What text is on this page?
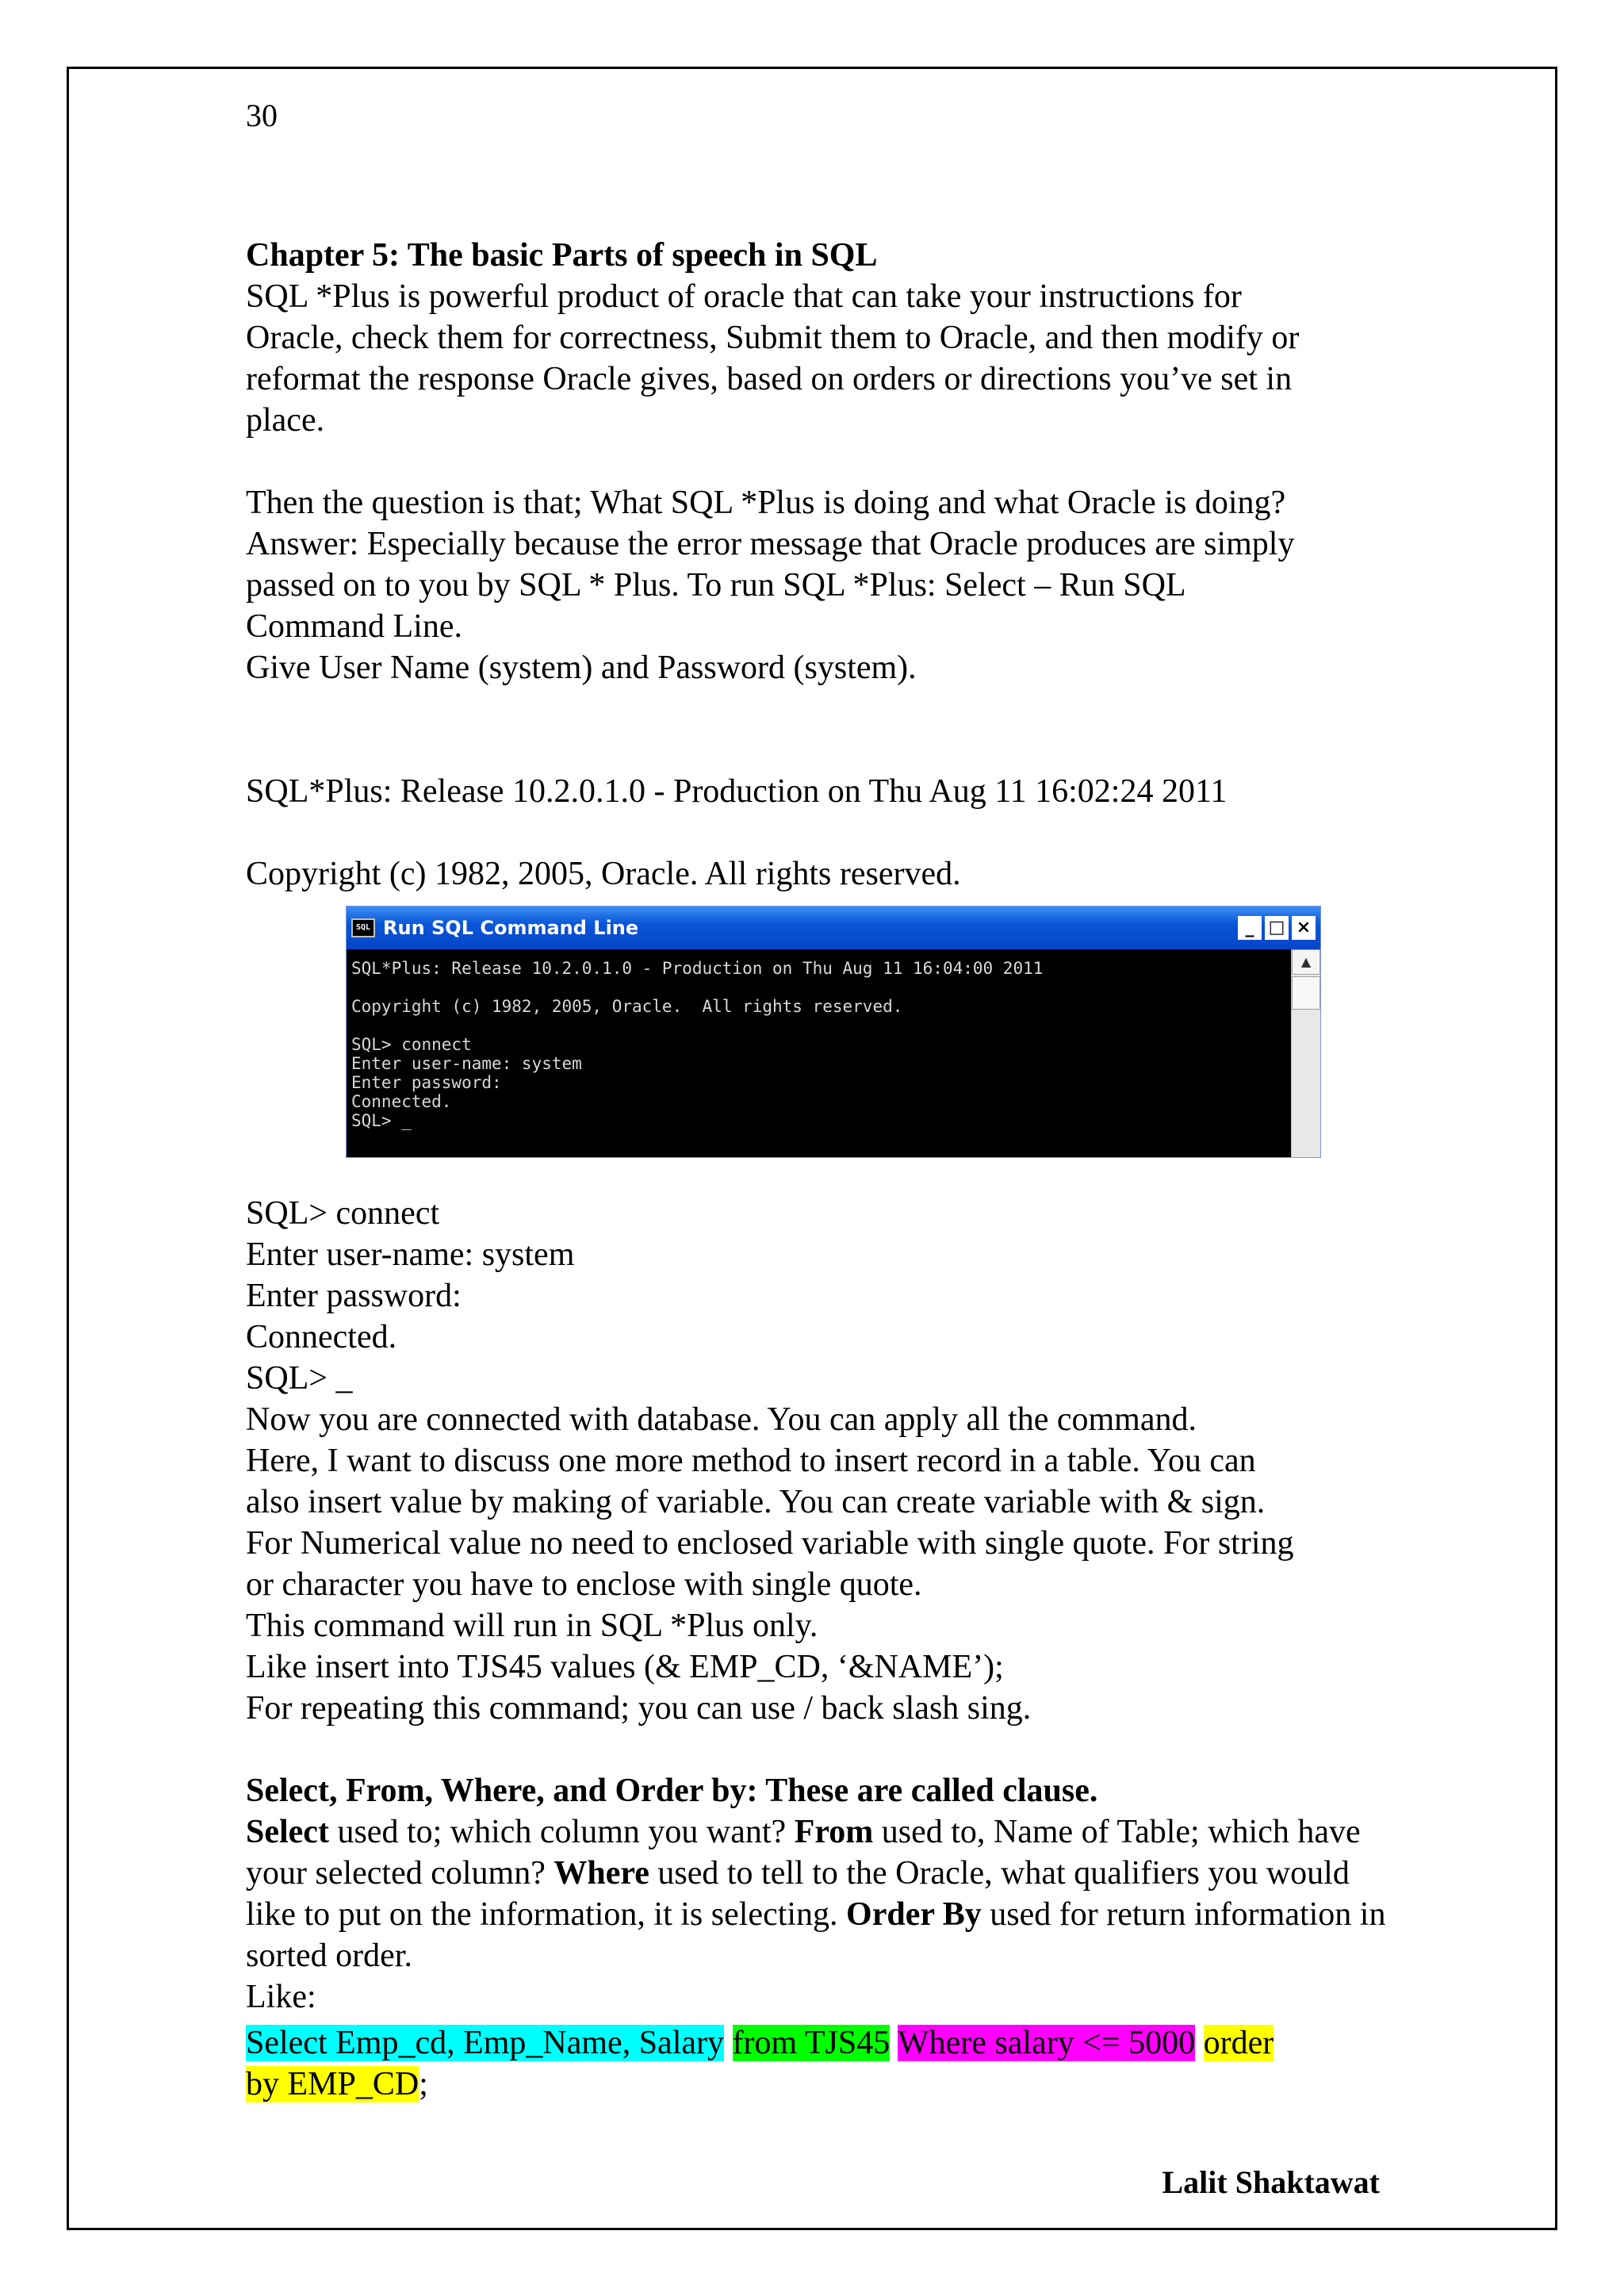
30

Chapter 5: The basic Parts of speech in SQL

SQL *Plus is powerful product of oracle that can take your instructions for

Oracle, check them for correctness, Submit them to Oracle, and then modify or

reformat the response Oracle gives, based on orders or directions you’ve set in

place.

Then the question is that; What SQL *Plus is doing and what Oracle is doing?

Answer: Especially because the error message that Oracle produces are simply

passed on to you by SQL * Plus. To run SQL *Plus: Select – Run SQL

Command Line.

Give User Name (system) and Password (system).

SQL*Plus: Release 10.2.0.1.0 - Production on Thu Aug 11 16:02:24 2011

Copyright (c) 1982, 2005, Oracle. All rights reserved.

SQL Run SQL Command Line	_ □ ×
SQL*Plus: Release 10.2.0.1.0 - Production on Thu Aug 11 16:04:00 2011
Copyright (c) 1982, 2005, Oracle.  All rights reserved.
SQL> connect
Enter user-name: system
Enter password:
Connected.
SQL> _
▲

SQL> connect

Enter user-name: system

Enter password:

Connected.

SQL> _

Now you are connected with database. You can apply all the command.

Here, I want to discuss one more method to insert record in a table. You can

also insert value by making of variable. You can create variable with & sign.

For Numerical value no need to enclosed variable with single quote. For string

or character you have to enclose with single quote.

This command will run in SQL *Plus only.

Like insert into TJS45 values (& EMP_CD, ‘&NAME’);

For repeating this command; you can use / back slash sing.

Select, From, Where, and Order by: These are called clause.

Select used to; which column you want? From used to, Name of Table; which have your selected column? Where used to tell to the Oracle, what qualifiers you would like to put on the information, it is selecting. Order By used for return information in sorted order.

Like:

Select Emp_cd, Emp_Name, Salary from TJS45 Where salary <= 5000 order
by EMP_CD;

Lalit Shaktawat
